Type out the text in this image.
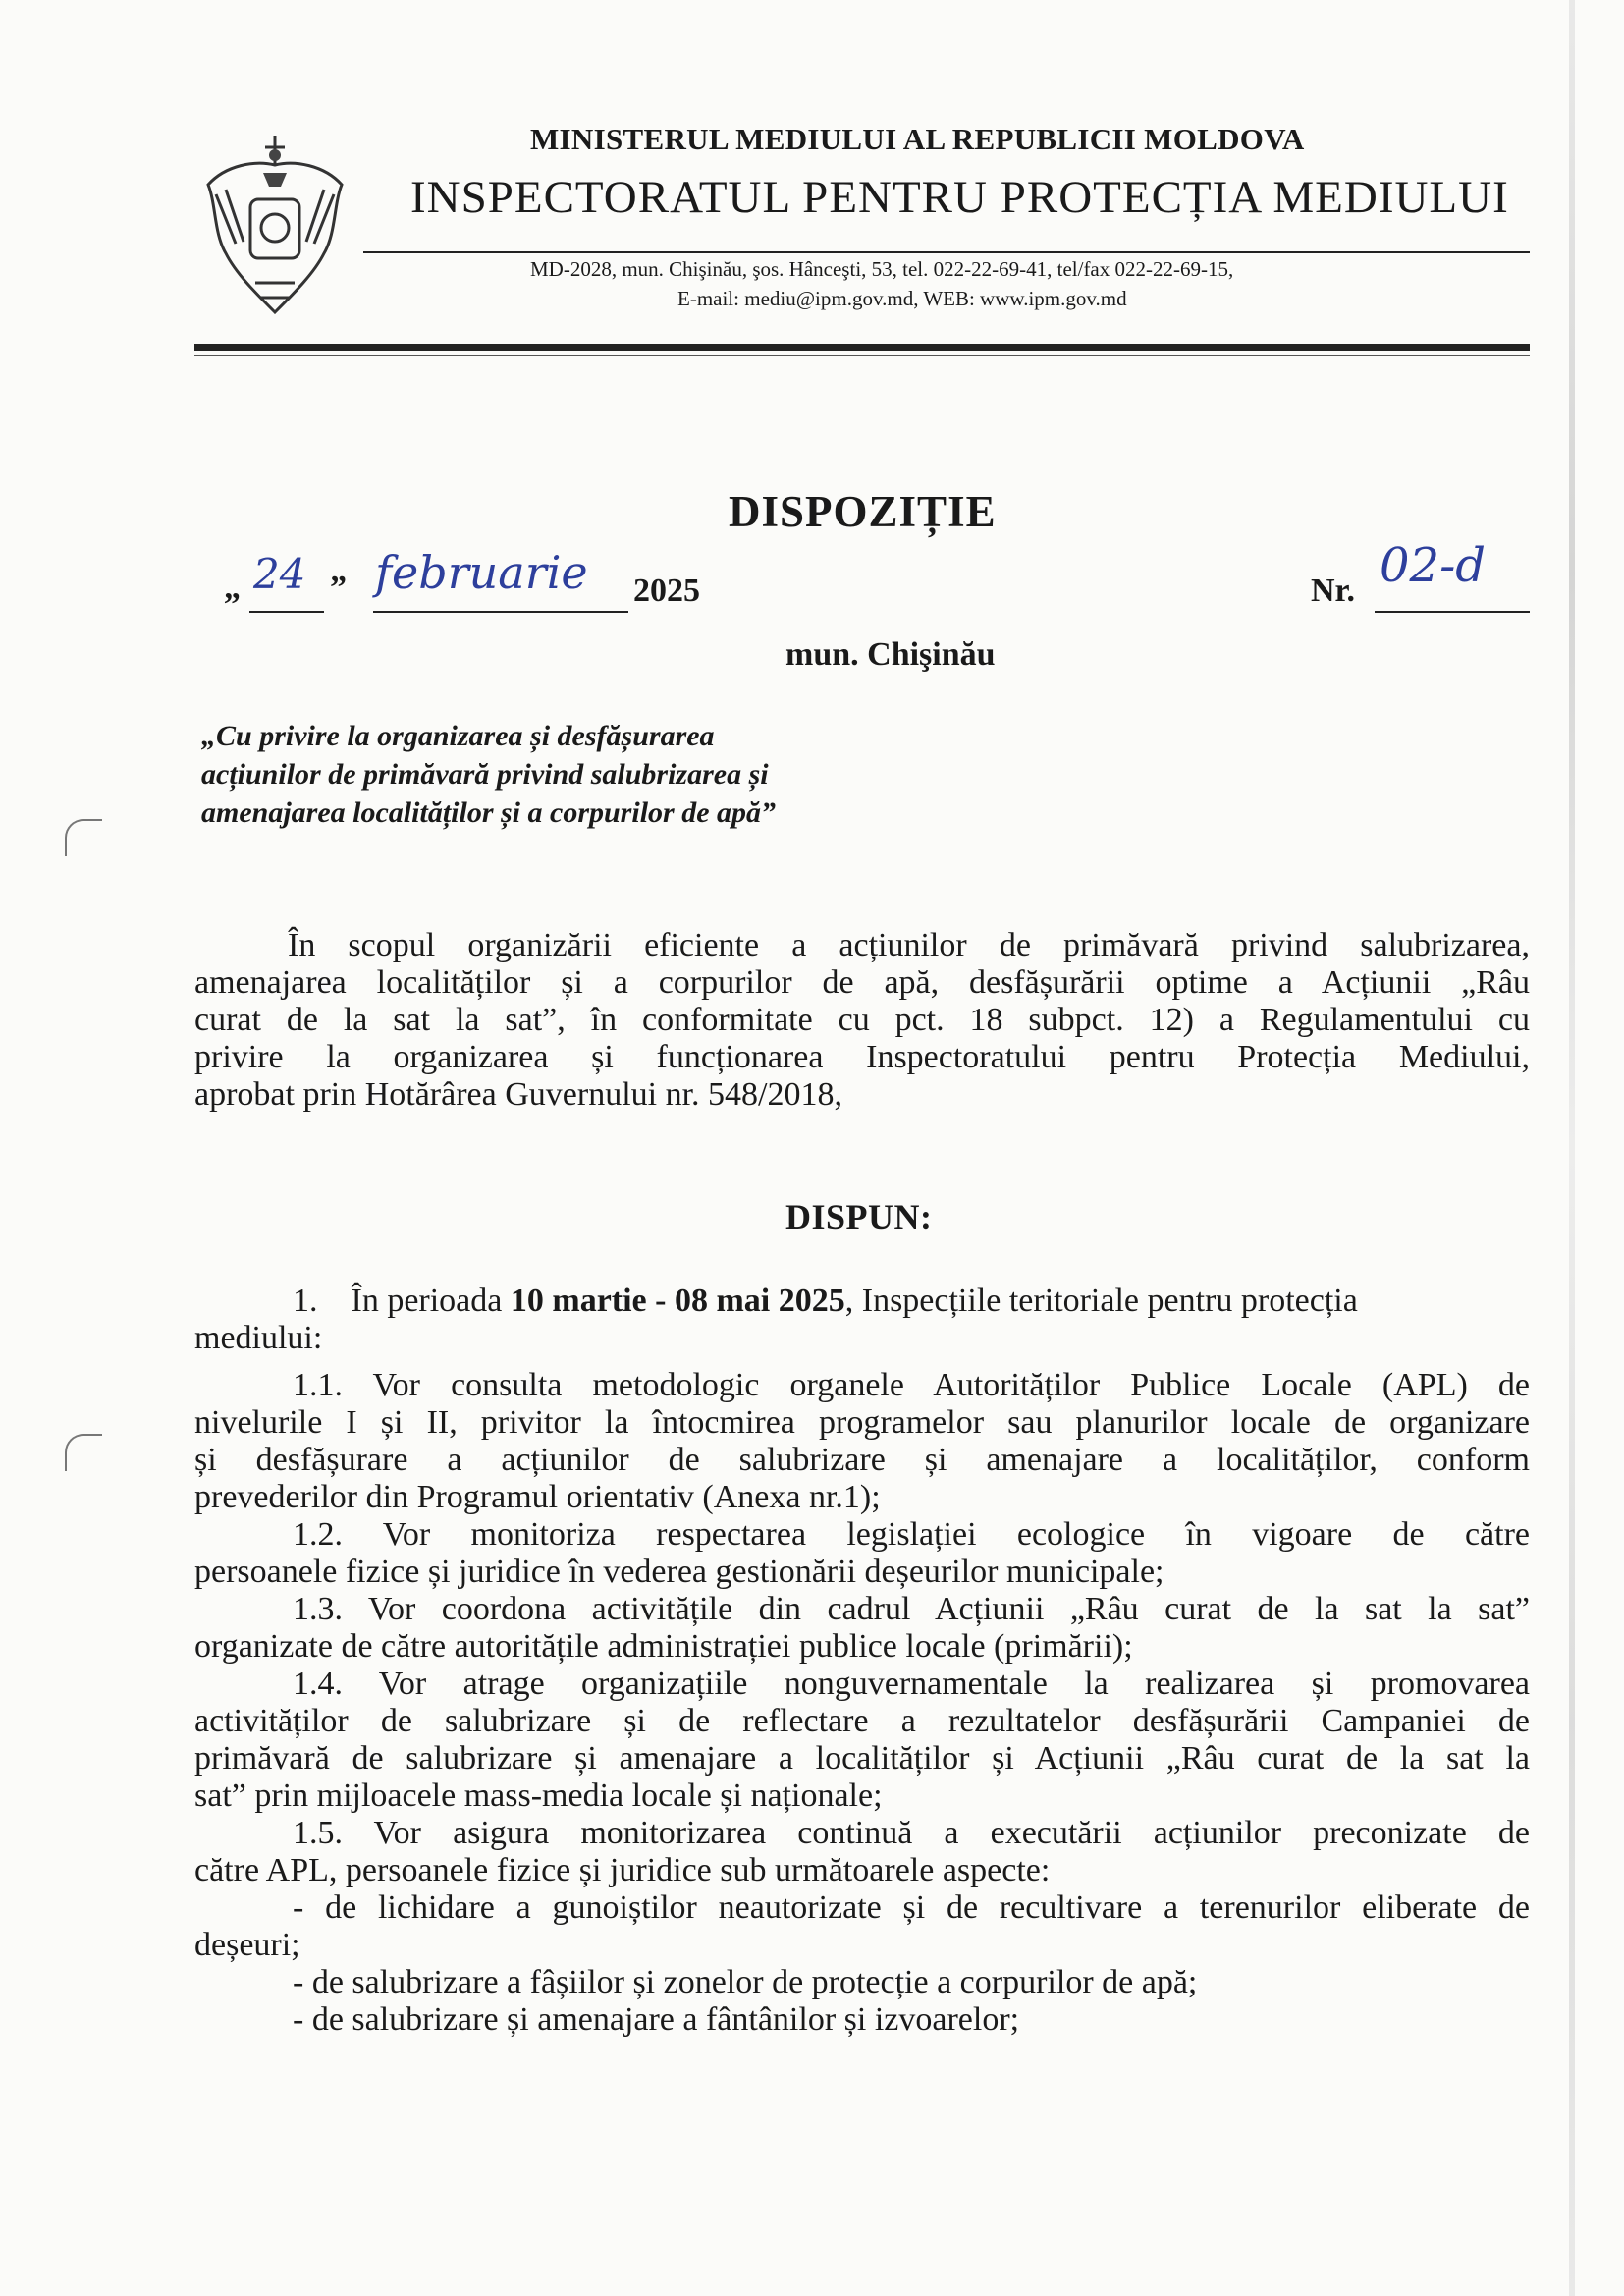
MINISTERUL MEDIULUI AL REPUBLICII MOLDOVA
INSPECTORATUL PENTRU PROTECȚIA MEDIULUI
MD-2028, mun. Chişinău, şos. Hânceşti, 53, tel. 022-22-69-41, tel/fax 022-22-69-15,
E-mail: mediu@ipm.gov.md, WEB: www.ipm.gov.md
DISPOZIȚIE
„ 24 ” februarie 2025	Nr. 02-d
mun. Chişinău
„Cu privire la organizarea și desfășurarea
acțiunilor de primăvară privind salubrizarea și
amenajarea localităților și a corpurilor de apă”
În scopul organizării eficiente a acțiunilor de primăvară privind salubrizarea,
amenajarea localităților și a corpurilor de apă, desfășurării optime a Acțiunii „Râu
curat de la sat la sat”, în conformitate cu pct. 18 subpct. 12) a Regulamentului cu
privire la organizarea și funcționarea Inspectoratului pentru Protecția Mediului,
aprobat prin Hotărârea Guvernului nr. 548/2018,
DISPUN:
1. În perioada 10 martie - 08 mai 2025, Inspecțiile teritoriale pentru protecția
mediului:
1.1. Vor consulta metodologic organele Autorităților Publice Locale (APL) de
nivelurile I și II, privitor la întocmirea programelor sau planurilor locale de organizare
și desfășurare a acțiunilor de salubrizare și amenajare a localităților, conform
prevederilor din Programul orientativ (Anexa nr.1);
1.2. Vor monitoriza respectarea legislației ecologice în vigoare de către
persoanele fizice și juridice în vederea gestionării deșeurilor municipale;
1.3. Vor coordona activitățile din cadrul Acțiunii „Râu curat de la sat la sat”
organizate de către autoritățile administrației publice locale (primării);
1.4. Vor atrage organizațiile nonguvernamentale la realizarea și promovarea
activităților de salubrizare și de reflectare a rezultatelor desfășurării Campaniei de
primăvară de salubrizare și amenajare a localităților și Acțiunii „Râu curat de la sat la
sat” prin mijloacele mass-media locale și naționale;
1.5. Vor asigura monitorizarea continuă a executării acțiunilor preconizate de
către APL, persoanele fizice și juridice sub următoarele aspecte:
- de lichidare a gunoiștilor neautorizate și de recultivare a terenurilor eliberate de
deșeuri;
- de salubrizare a fâșiilor și zonelor de protecție a corpurilor de apă;
- de salubrizare și amenajare a fântânilor și izvoarelor;
